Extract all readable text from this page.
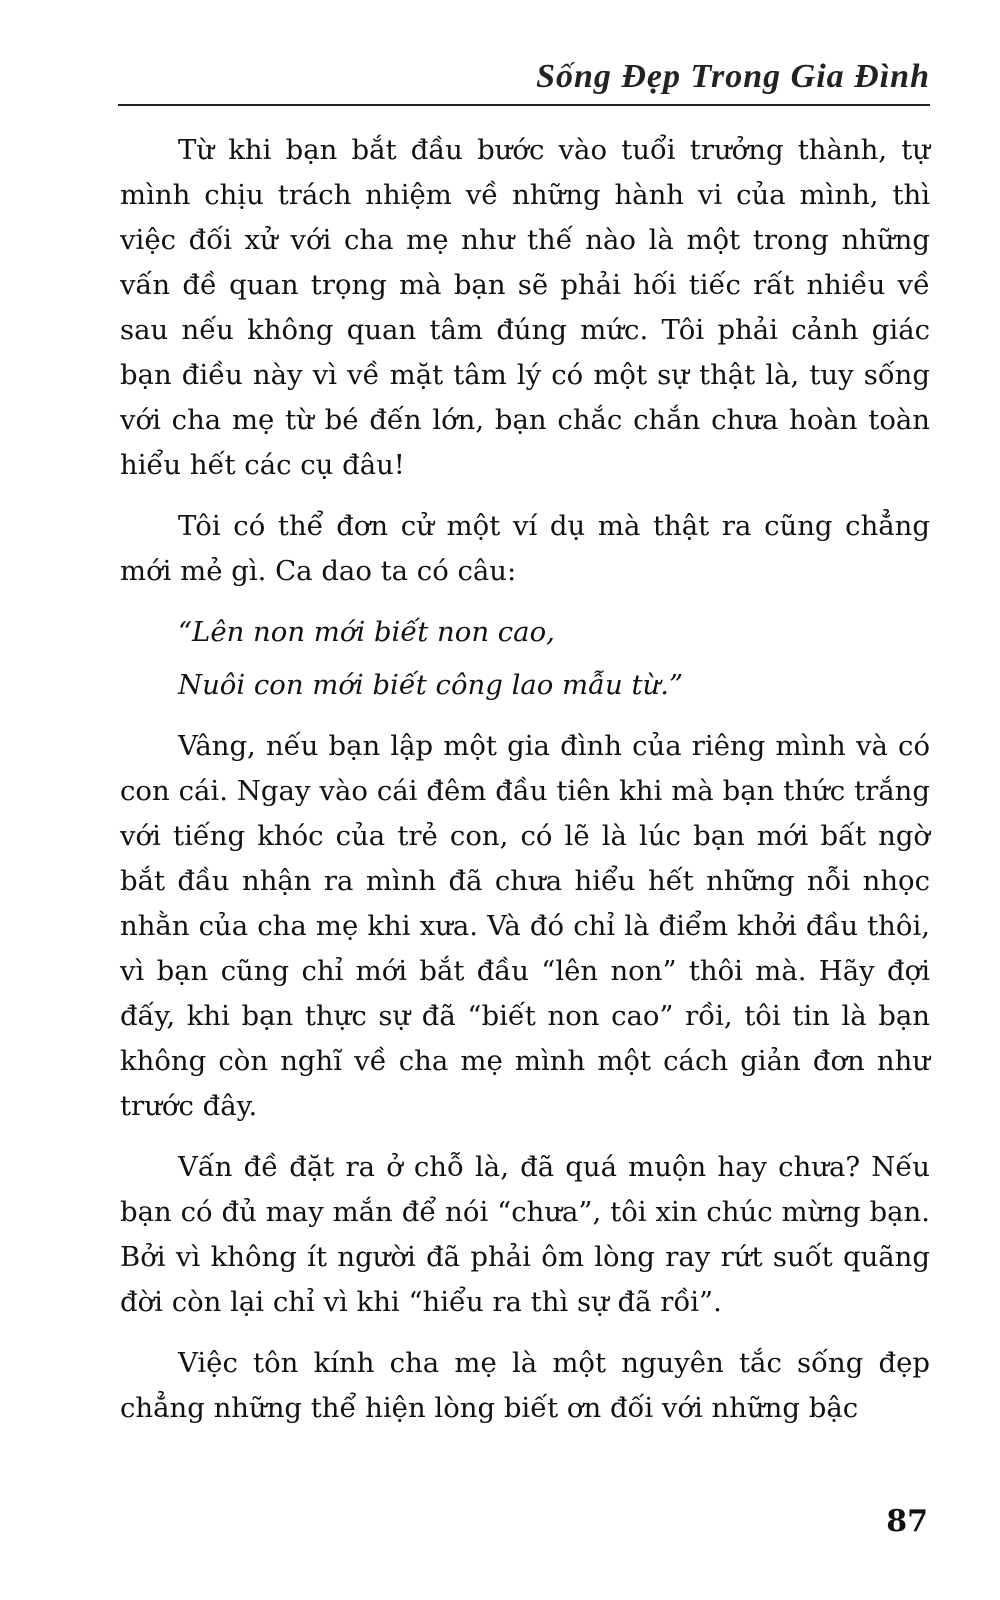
Sống Đẹp Trong Gia Đình

Từ khi bạn bắt đầu bước vào tuổi trưởng thành, tự mình chịu trách nhiệm về những hành vi của mình, thì việc đối xử với cha mẹ như thế nào là một trong những vấn đề quan trọng mà bạn sẽ phải hối tiếc rất nhiều về sau nếu không quan tâm đúng mức. Tôi phải cảnh giác bạn điều này vì về mặt tâm lý có một sự thật là, tuy sống với cha mẹ từ bé đến lớn, bạn chắc chắn chưa hoàn toàn hiểu hết các cụ đâu!

Tôi có thể đơn cử một ví dụ mà thật ra cũng chẳng mới mẻ gì. Ca dao ta có câu:

“Lên non mới biết non cao,
Nuôi con mới biết công lao mẫu từ.”

Vâng, nếu bạn lập một gia đình của riêng mình và có con cái. Ngay vào cái đêm đầu tiên khi mà bạn thức trắng với tiếng khóc của trẻ con, có lẽ là lúc bạn mới bất ngờ bắt đầu nhận ra mình đã chưa hiểu hết những nỗi nhọc nhằn của cha mẹ khi xưa. Và đó chỉ là điểm khởi đầu thôi, vì bạn cũng chỉ mới bắt đầu “lên non” thôi mà. Hãy đợi đấy, khi bạn thực sự đã “biết non cao” rồi, tôi tin là bạn không còn nghĩ về cha mẹ mình một cách giản đơn như trước đây.

Vấn đề đặt ra ở chỗ là, đã quá muộn hay chưa? Nếu bạn có đủ may mắn để nói “chưa”, tôi xin chúc mừng bạn. Bởi vì không ít người đã phải ôm lòng ray rứt suốt quãng đời còn lại chỉ vì khi “hiểu ra thì sự đã rồi”.

Việc tôn kính cha mẹ là một nguyên tắc sống đẹp chẳng những thể hiện lòng biết ơn đối với những bậc

87
